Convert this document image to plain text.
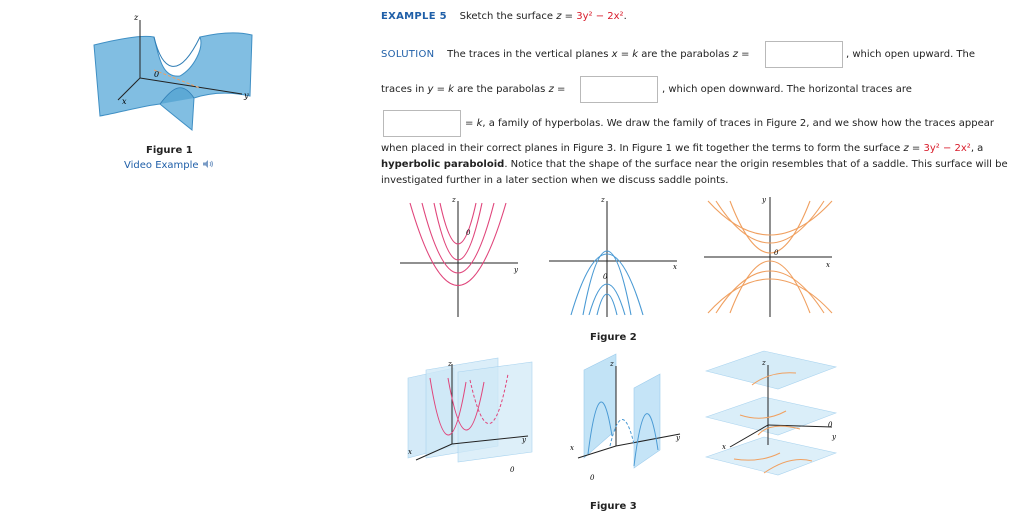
z
y
x
0
Figure 1
Video Example
EXAMPLE 5 Sketch the surface z = 3y² − 2x².
SOLUTION The traces in the vertical planes x = k are the parabolas z =	, which open upward. The
traces in y = k are the parabolas z =	, which open downward. The horizontal traces are
= k, a family of hyperbolas. We draw the family of traces in Figure 2, and we show how the traces appear
when placed in their correct planes in Figure 3. In Figure 1 we fit together the terms to form the surface z = 3y² − 2x², a
hyperbolic paraboloid. Notice that the shape of the surface near the origin resembles that of a saddle. This surface will be
investigated further in a later section when we discuss saddle points.
z
y
0
z
x
0
y
x
0
Figure 2
z
y
x
0
z
y
x
0
z
y
x
0
Figure 3
